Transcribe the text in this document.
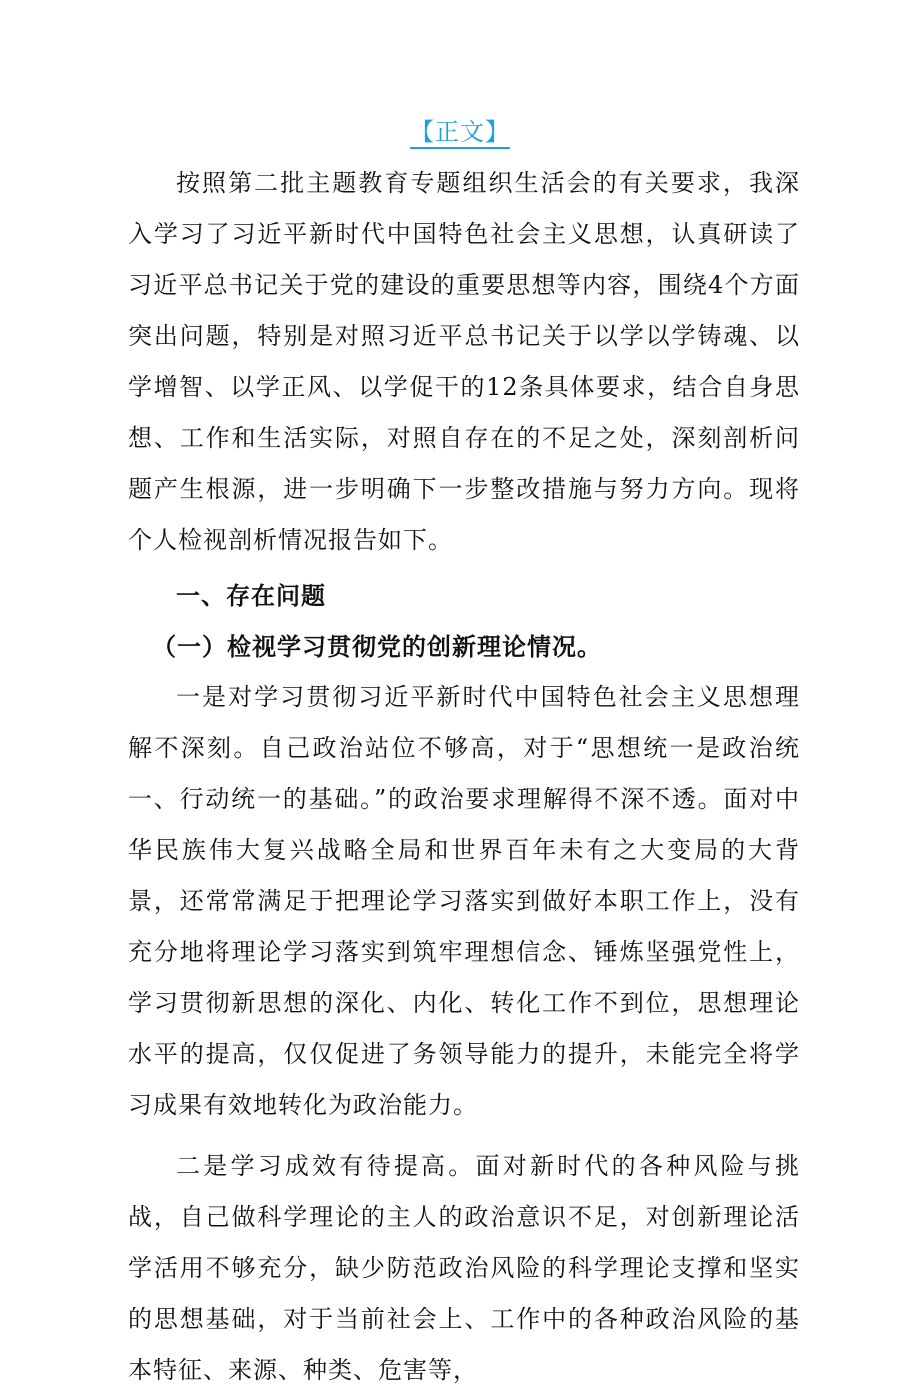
【正文】

按照第二批主题教育专题组织生活会的有关要求，我深入学习了习近平新时代中国特色社会主义思想，认真研读了习近平总书记关于党的建设的重要思想等内容，围绕4个方面突出问题，特别是对照习近平总书记关于以学以学铸魂、以学增智、以学正风、以学促干的12条具体要求，结合自身思想、工作和生活实际，对照自存在的不足之处，深刻剖析问题产生根源，进一步明确下一步整改措施与努力方向。现将个人检视剖析情况报告如下。

一、存在问题

（一）检视学习贯彻党的创新理论情况。

一是对学习贯彻习近平新时代中国特色社会主义思想理解不深刻。自己政治站位不够高，对于“思想统一是政治统一、行动统一的基础。”的政治要求理解得不深不透。面对中华民族伟大复兴战略全局和世界百年未有之大变局的大背景，还常常满足于把理论学习落实到做好本职工作上，没有充分地将理论学习落实到筑牢理想信念、锤炼坚强党性上，学习贯彻新思想的深化、内化、转化工作不到位，思想理论水平的提高，仅仅促进了务领导能力的提升，未能完全将学习成果有效地转化为政治能力。

二是学习成效有待提高。面对新时代的各种风险与挑战，自己做科学理论的主人的政治意识不足，对创新理论活学活用不够充分，缺少防范政治风险的科学理论支撑和坚实的思想基础，对于当前社会上、工作中的各种政治风险的基本特征、来源、种类、危害等，
